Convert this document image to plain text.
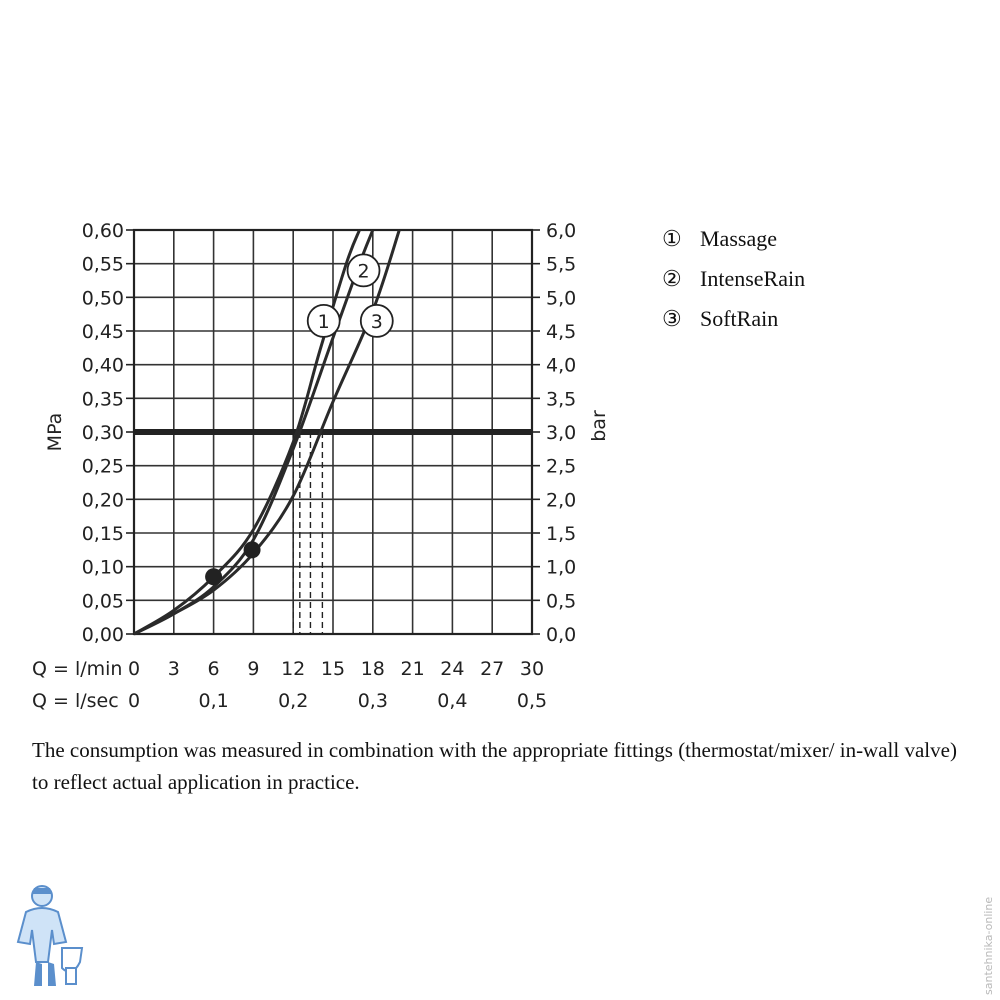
1
2
3
0,00
0,05
0,10
0,15
0,20
0,25
0,30
0,35
0,40
0,45
0,50
0,55
0,60
0,0
0,5
1,0
1,5
2,0
2,5
3,0
3,5
4,0
4,5
5,0
5,5
6,0
0 3 6 9 12 15 18 21 24 27 30
0	0,1	0,2	0,3	0,4	0,5
MPa	bar
Q = l/min
Q = l/sec
① Massage
② IntenseRain
③ SoftRain

The consumption was measured in combination with the appropriate fittings (thermostat/mixer/ in-wall valve) to reflect actual application in practice.

santehnika-online
